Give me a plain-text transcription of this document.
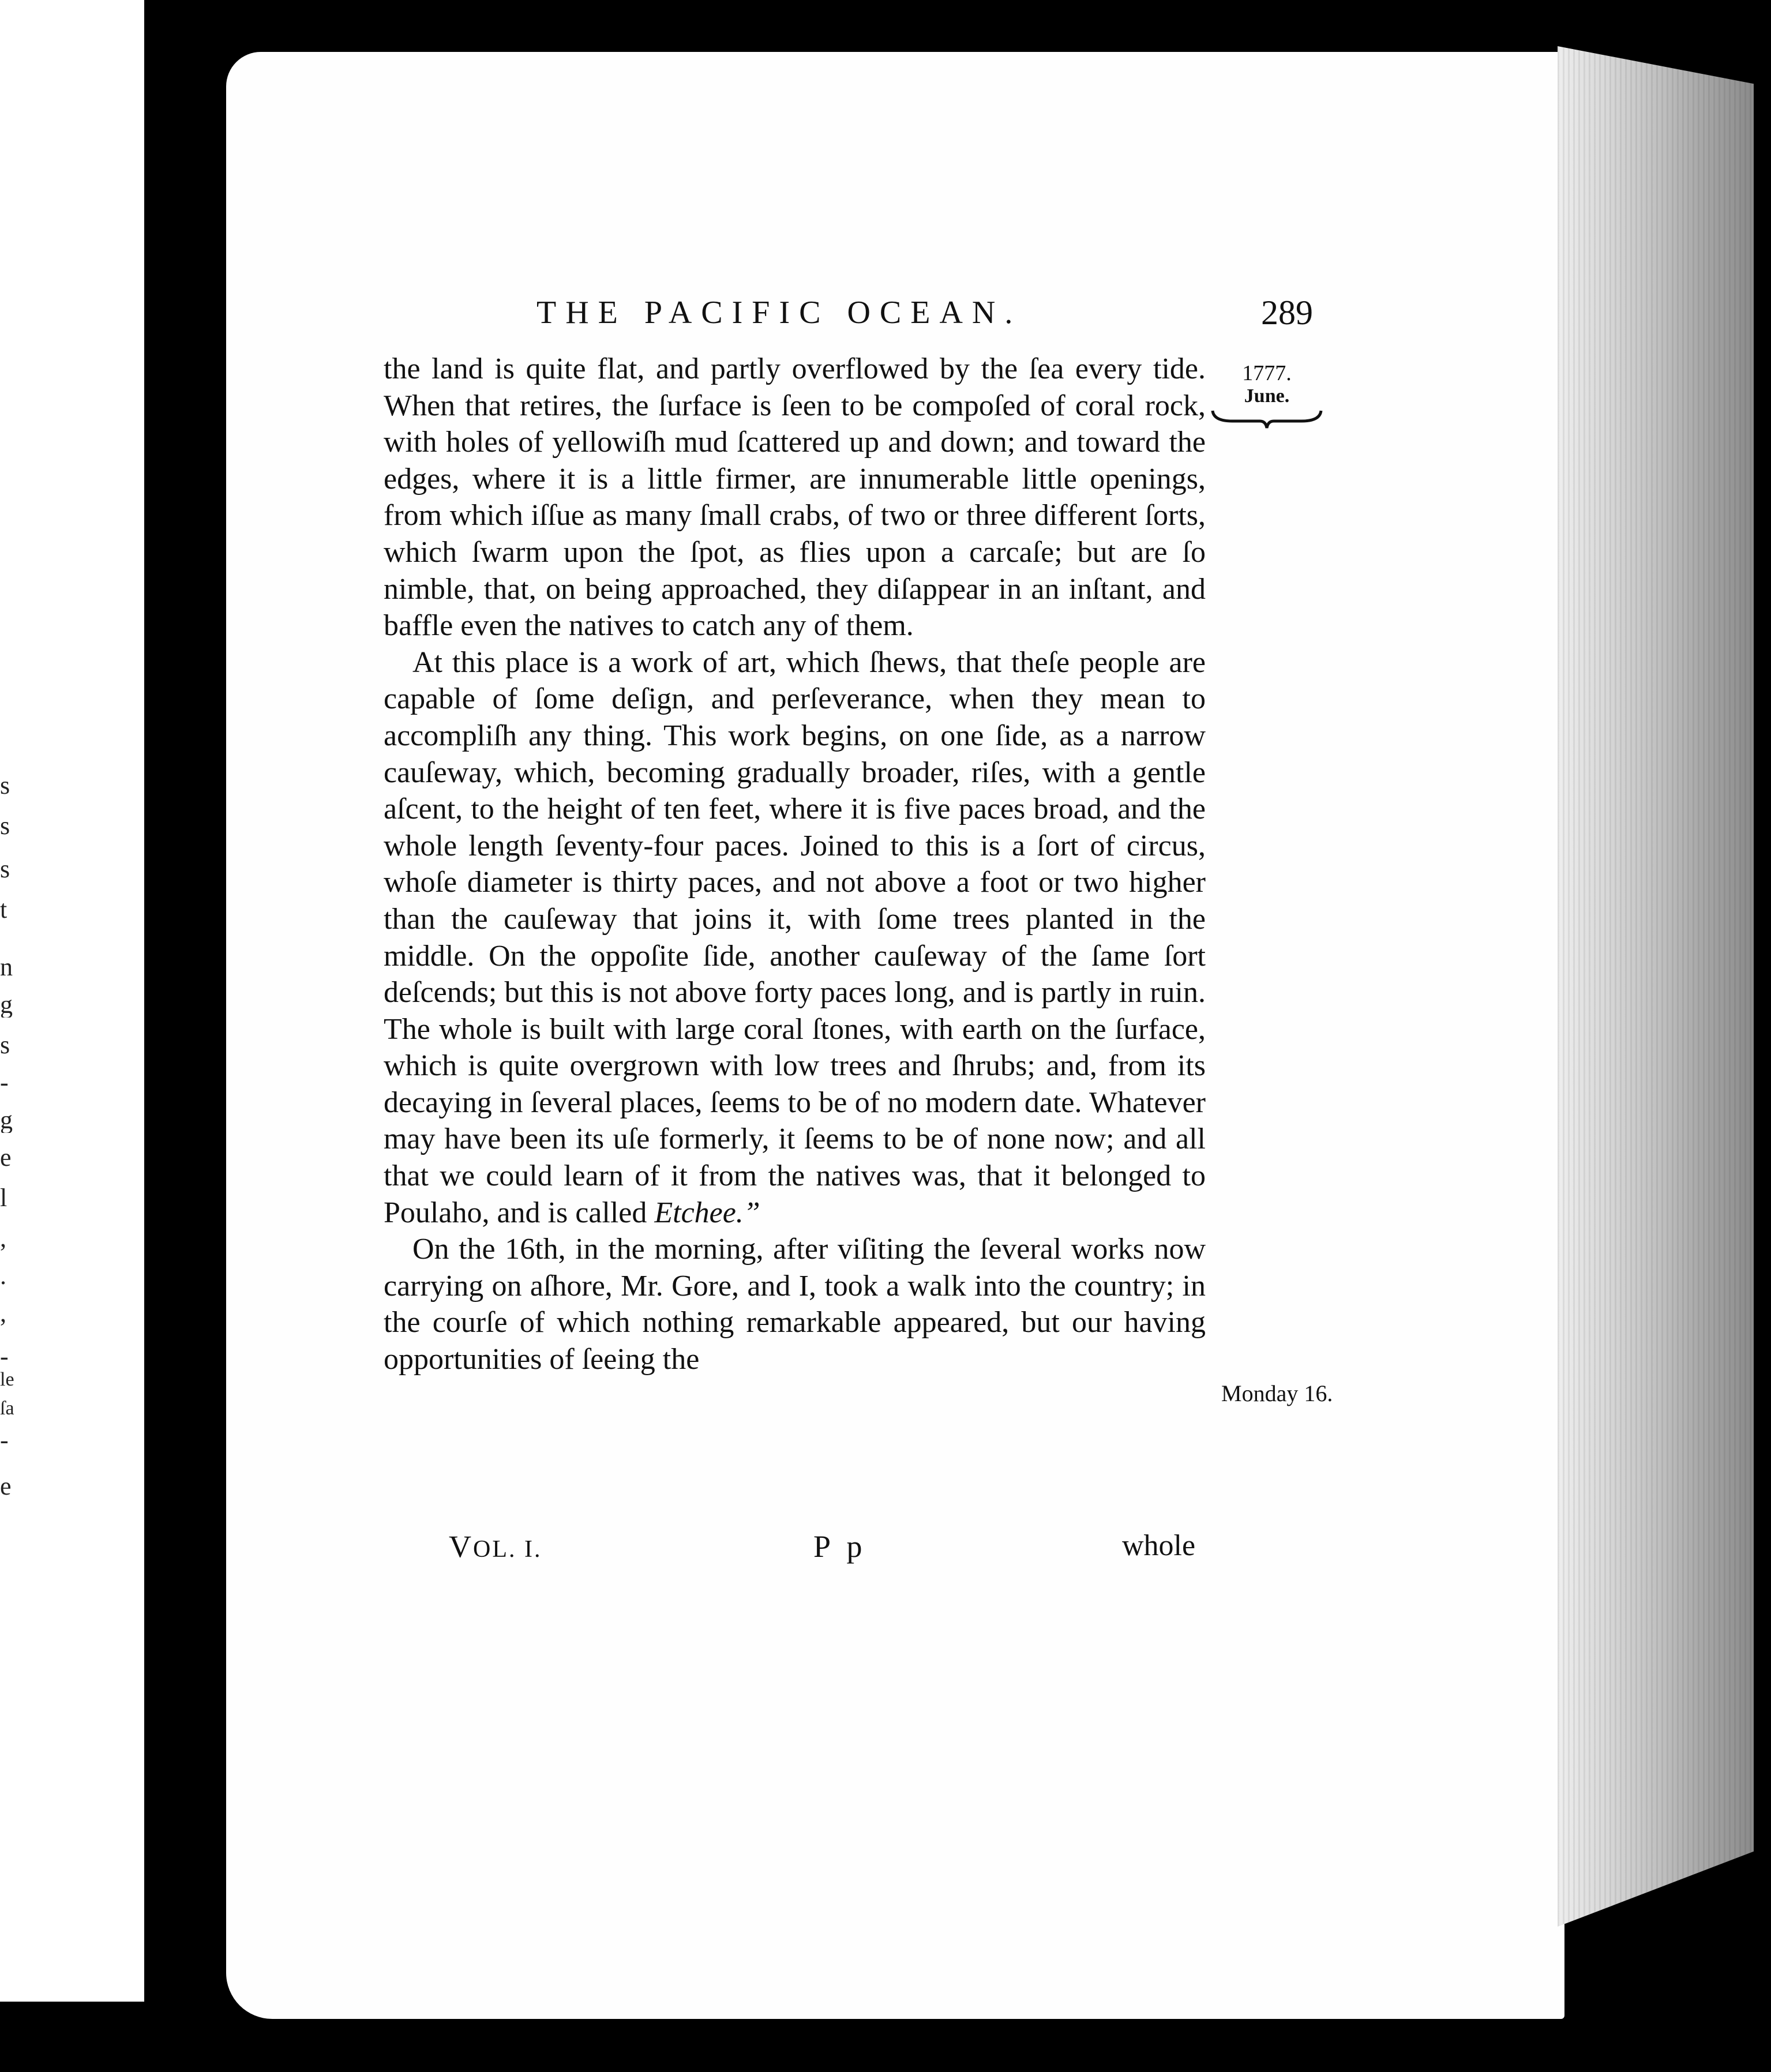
s
s
s
t
n
g
s
-
g
e
l
,
.
,
-
le
ſa
-
e
THE PACIFIC OCEAN.	289
1777.
June.
Monday 16.

the land is quite flat, and partly overflowed by the ſea every tide. When that retires, the ſurface is ſeen to be compoſed of coral rock, with holes of yellowiſh mud ſcattered up and down; and toward the edges, where it is a little firmer, are innumerable little openings, from which iſſue as many ſmall crabs, of two or three different ſorts, which ſwarm upon the ſpot, as flies upon a carcaſe; but are ſo nimble, that, on being approached, they diſappear in an inſtant, and baffle even the natives to catch any of them.

At this place is a work of art, which ſhews, that theſe people are capable of ſome deſign, and perſeverance, when they mean to accompliſh any thing. This work begins, on one ſide, as a narrow cauſeway, which, becoming gradually broader, riſes, with a gentle aſcent, to the height of ten feet, where it is five paces broad, and the whole length ſeventy-four paces. Joined to this is a ſort of circus, whoſe diameter is thirty paces, and not above a foot or two higher than the cauſeway that joins it, with ſome trees planted in the middle. On the oppoſite ſide, another cauſeway of the ſame ſort deſcends; but this is not above forty paces long, and is partly in ruin. The whole is built with large coral ſtones, with earth on the ſurface, which is quite overgrown with low trees and ſhrubs; and, from its decaying in ſeveral places, ſeems to be of no modern date. Whatever may have been its uſe formerly, it ſeems to be of none now; and all that we could learn of it from the natives was, that it belonged to Poulaho, and is called Etchee.”

On the 16th, in the morning, after viſiting the ſeveral works now carrying on aſhore, Mr. Gore, and I, took a walk into the country; in the courſe of which nothing remarkable appeared, but our having opportunities of ſeeing the

VOL. I.	P p	whole
